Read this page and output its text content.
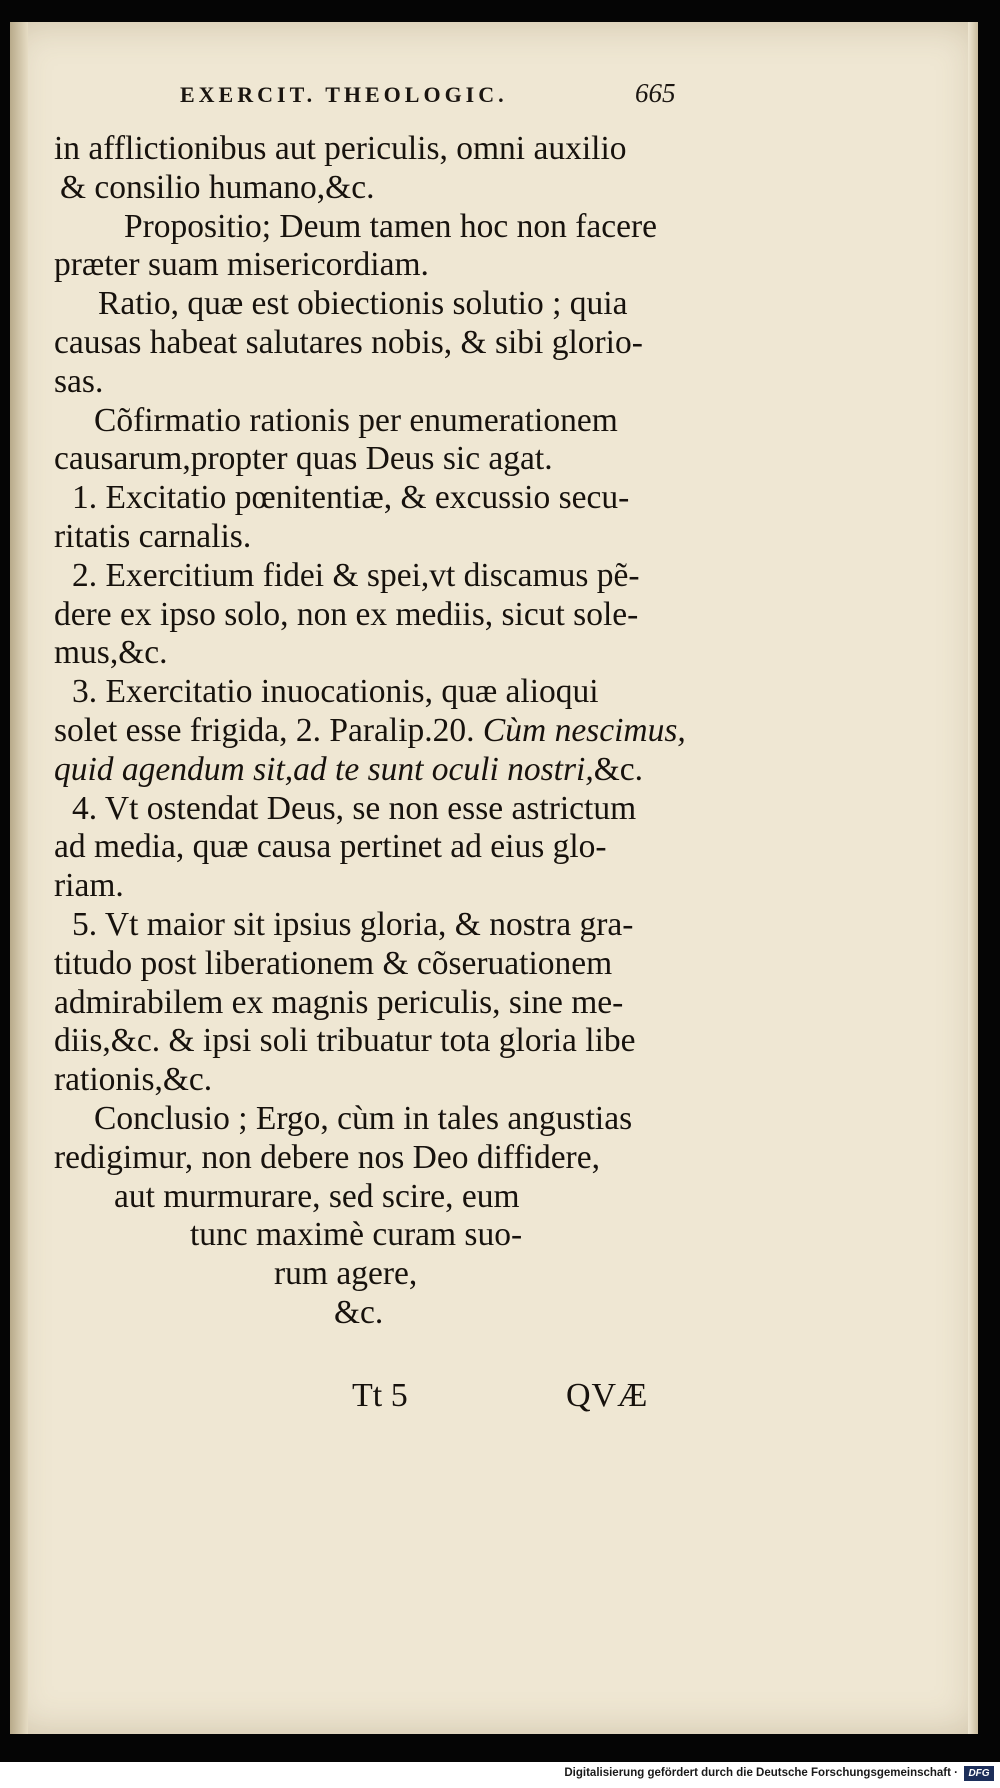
EXERCIT. THEOLOGIC.	665
in afflictionibus aut periculis, omni auxilio
& consilio humano,&c.
Propositio; Deum tamen hoc non facere
præter suam misericordiam.
Ratio, quæ est obiectionis solutio ; quia
causas habeat salutares nobis, & sibi glorio-
sas.
Cõfirmatio rationis per enumerationem
causarum,propter quas Deus sic agat.
1. Excitatio pœnitentiæ, & excussio secu-
ritatis carnalis.
2. Exercitium fidei & spei,vt discamus pẽ-
dere ex ipso solo, non ex mediis, sicut sole-
mus,&c.
3. Exercitatio inuocationis, quæ alioqui
solet esse frigida, 2. Paralip.20. Cùm nescimus,
quid agendum sit,ad te sunt oculi nostri,&c.
4. Vt ostendat Deus, se non esse astrictum
ad media, quæ causa pertinet ad eius glo-
riam.
5. Vt maior sit ipsius gloria, & nostra gra-
titudo post liberationem & cõseruationem
admirabilem ex magnis periculis, sine me-
diis,&c. & ipsi soli tribuatur tota gloria libe
rationis,&c.
Conclusio ; Ergo, cùm in tales angustias
redigimur, non debere nos Deo diffidere,
aut murmurare, sed scire, eum
tunc maximè curam suo-
rum agere,
&c.
Tt 5	QVÆ
Digitalisierung gefördert durch die Deutsche Forschungsgemeinschaft ·	DFG
